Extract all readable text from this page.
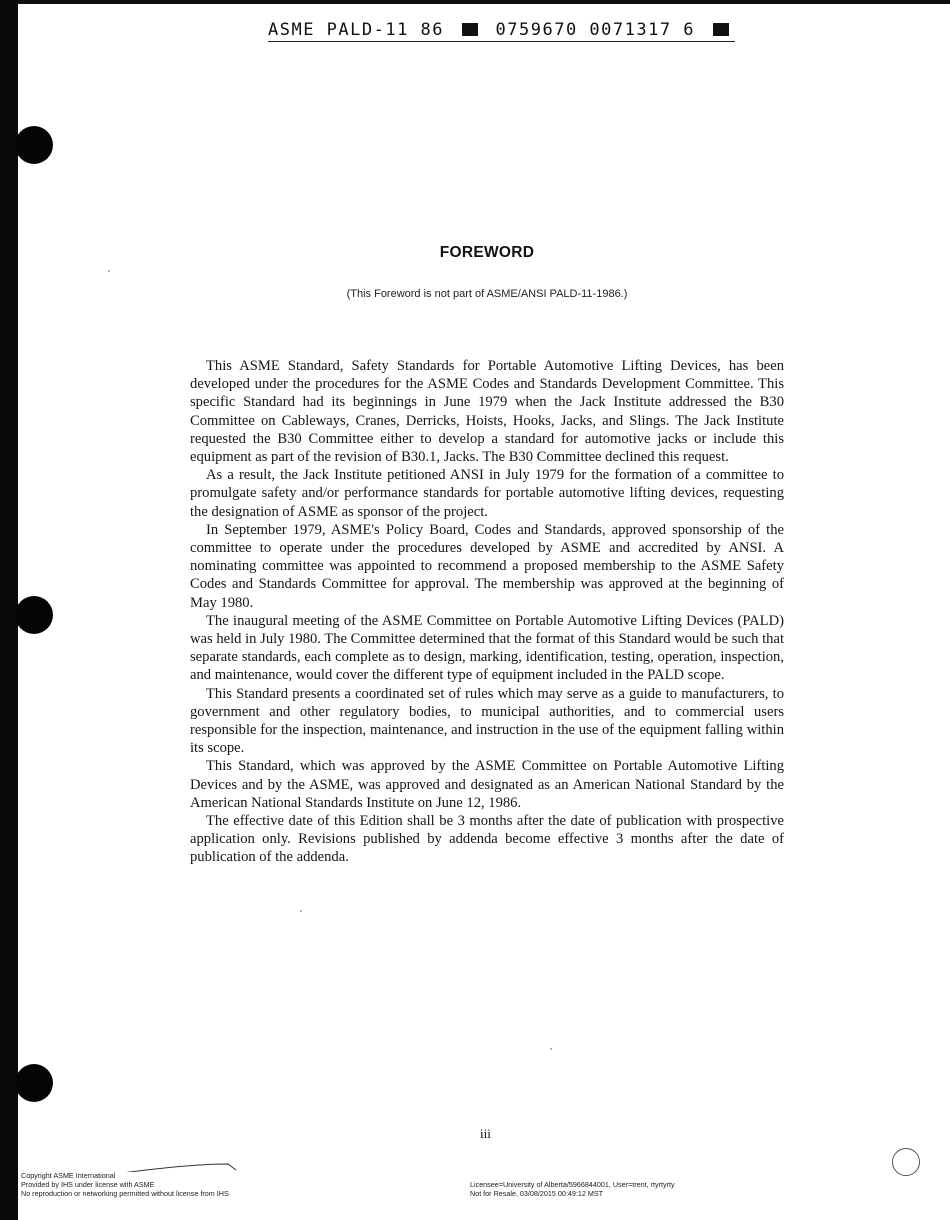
ASME PALD-11 86	0759670 0071317 6
FOREWORD
(This Foreword is not part of ASME/ANSI PALD-11-1986.)

This ASME Standard, Safety Standards for Portable Automotive Lifting Devices, has been developed under the procedures for the ASME Codes and Standards Development Committee. This specific Standard had its beginnings in June 1979 when the Jack Institute addressed the B30 Committee on Cableways, Cranes, Derricks, Hoists, Hooks, Jacks, and Slings. The Jack Institute requested the B30 Committee either to develop a standard for automotive jacks or include this equipment as part of the revision of B30.1, Jacks. The B30 Committee declined this request.

As a result, the Jack Institute petitioned ANSI in July 1979 for the formation of a committee to promulgate safety and/or performance standards for portable automotive lifting devices, requesting the designation of ASME as sponsor of the project.

In September 1979, ASME's Policy Board, Codes and Standards, approved sponsorship of the committee to operate under the procedures developed by ASME and accredited by ANSI. A nominating committee was appointed to recommend a proposed membership to the ASME Safety Codes and Standards Committee for approval. The membership was approved at the beginning of May 1980.

The inaugural meeting of the ASME Committee on Portable Automotive Lifting Devices (PALD) was held in July 1980. The Committee determined that the format of this Standard would be such that separate standards, each complete as to design, marking, identification, testing, operation, inspection, and maintenance, would cover the different type of equipment included in the PALD scope.

This Standard presents a coordinated set of rules which may serve as a guide to manufacturers, to government and other regulatory bodies, to municipal authorities, and to commercial users responsible for the inspection, maintenance, and instruction in the use of the equipment falling within its scope.

This Standard, which was approved by the ASME Committee on Portable Automotive Lifting Devices and by the ASME, was approved and designated as an American National Standard by the American National Standards Institute on June 12, 1986.

The effective date of this Edition shall be 3 months after the date of publication with prospective application only. Revisions published by addenda become effective 3 months after the date of publication of the addenda.

iii
Copyright ASME International
Provided by IHS under license with ASME
No reproduction or networking permitted without license from IHS
Licensee=University of Alberta/5966844001, User=trent, rtyrtyrty
Not for Resale, 03/08/2015 00:49:12 MST
